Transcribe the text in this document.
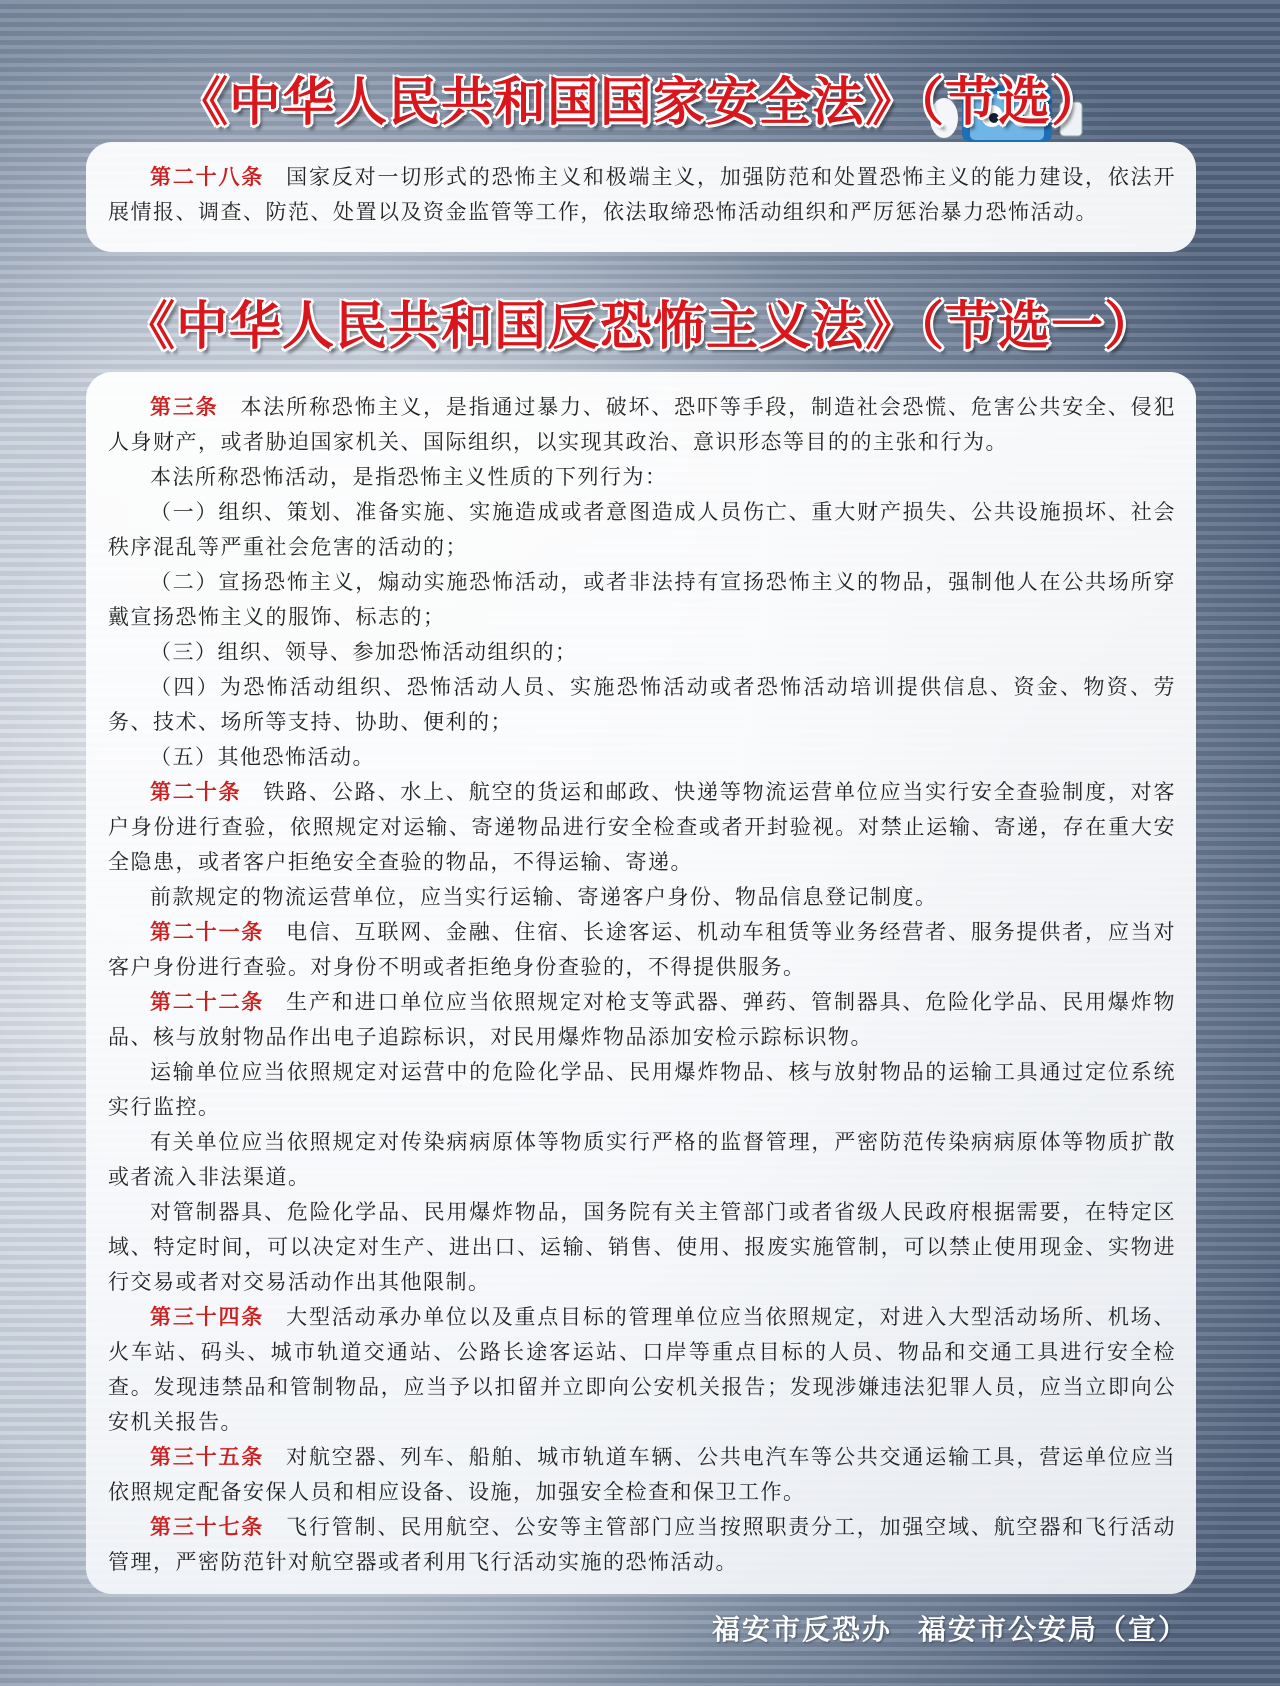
《中华人民共和国国家安全法》（节选）
第二十八条 国家反对一切形式的恐怖主义和极端主义，加强防范和处置恐怖主义的能力建设，依法开展情报、调查、防范、处置以及资金监管等工作，依法取缔恐怖活动组织和严厉惩治暴力恐怖活动。
《中华人民共和国反恐怖主义法》（节选一）
第三条 本法所称恐怖主义，是指通过暴力、破坏、恐吓等手段，制造社会恐慌、危害公共安全、侵犯人身财产，或者胁迫国家机关、国际组织，以实现其政治、意识形态等目的的主张和行为。
本法所称恐怖活动，是指恐怖主义性质的下列行为：
（一）组织、策划、准备实施、实施造成或者意图造成人员伤亡、重大财产损失、公共设施损坏、社会秩序混乱等严重社会危害的活动的；
（二）宣扬恐怖主义，煽动实施恐怖活动，或者非法持有宣扬恐怖主义的物品，强制他人在公共场所穿戴宣扬恐怖主义的服饰、标志的；
（三）组织、领导、参加恐怖活动组织的；
（四）为恐怖活动组织、恐怖活动人员、实施恐怖活动或者恐怖活动培训提供信息、资金、物资、劳务、技术、场所等支持、协助、便利的；
（五）其他恐怖活动。
第二十条 铁路、公路、水上、航空的货运和邮政、快递等物流运营单位应当实行安全查验制度，对客户身份进行查验，依照规定对运输、寄递物品进行安全检查或者开封验视。对禁止运输、寄递，存在重大安全隐患，或者客户拒绝安全查验的物品，不得运输、寄递。
前款规定的物流运营单位，应当实行运输、寄递客户身份、物品信息登记制度。
第二十一条 电信、互联网、金融、住宿、长途客运、机动车租赁等业务经营者、服务提供者，应当对客户身份进行查验。对身份不明或者拒绝身份查验的，不得提供服务。
第二十二条 生产和进口单位应当依照规定对枪支等武器、弹药、管制器具、危险化学品、民用爆炸物品、核与放射物品作出电子追踪标识，对民用爆炸物品添加安检示踪标识物。
运输单位应当依照规定对运营中的危险化学品、民用爆炸物品、核与放射物品的运输工具通过定位系统实行监控。
有关单位应当依照规定对传染病病原体等物质实行严格的监督管理，严密防范传染病病原体等物质扩散或者流入非法渠道。
对管制器具、危险化学品、民用爆炸物品，国务院有关主管部门或者省级人民政府根据需要，在特定区域、特定时间，可以决定对生产、进出口、运输、销售、使用、报废实施管制，可以禁止使用现金、实物进行交易或者对交易活动作出其他限制。
第三十四条 大型活动承办单位以及重点目标的管理单位应当依照规定，对进入大型活动场所、机场、火车站、码头、城市轨道交通站、公路长途客运站、口岸等重点目标的人员、物品和交通工具进行安全检查。发现违禁品和管制物品，应当予以扣留并立即向公安机关报告；发现涉嫌违法犯罪人员，应当立即向公安机关报告。
第三十五条 对航空器、列车、船舶、城市轨道车辆、公共电汽车等公共交通运输工具，营运单位应当依照规定配备安保人员和相应设备、设施，加强安全检查和保卫工作。
第三十七条 飞行管制、民用航空、公安等主管部门应当按照职责分工，加强空域、航空器和飞行活动管理，严密防范针对航空器或者利用飞行活动实施的恐怖活动。
福安市反恐办 福安市公安局（宣）
